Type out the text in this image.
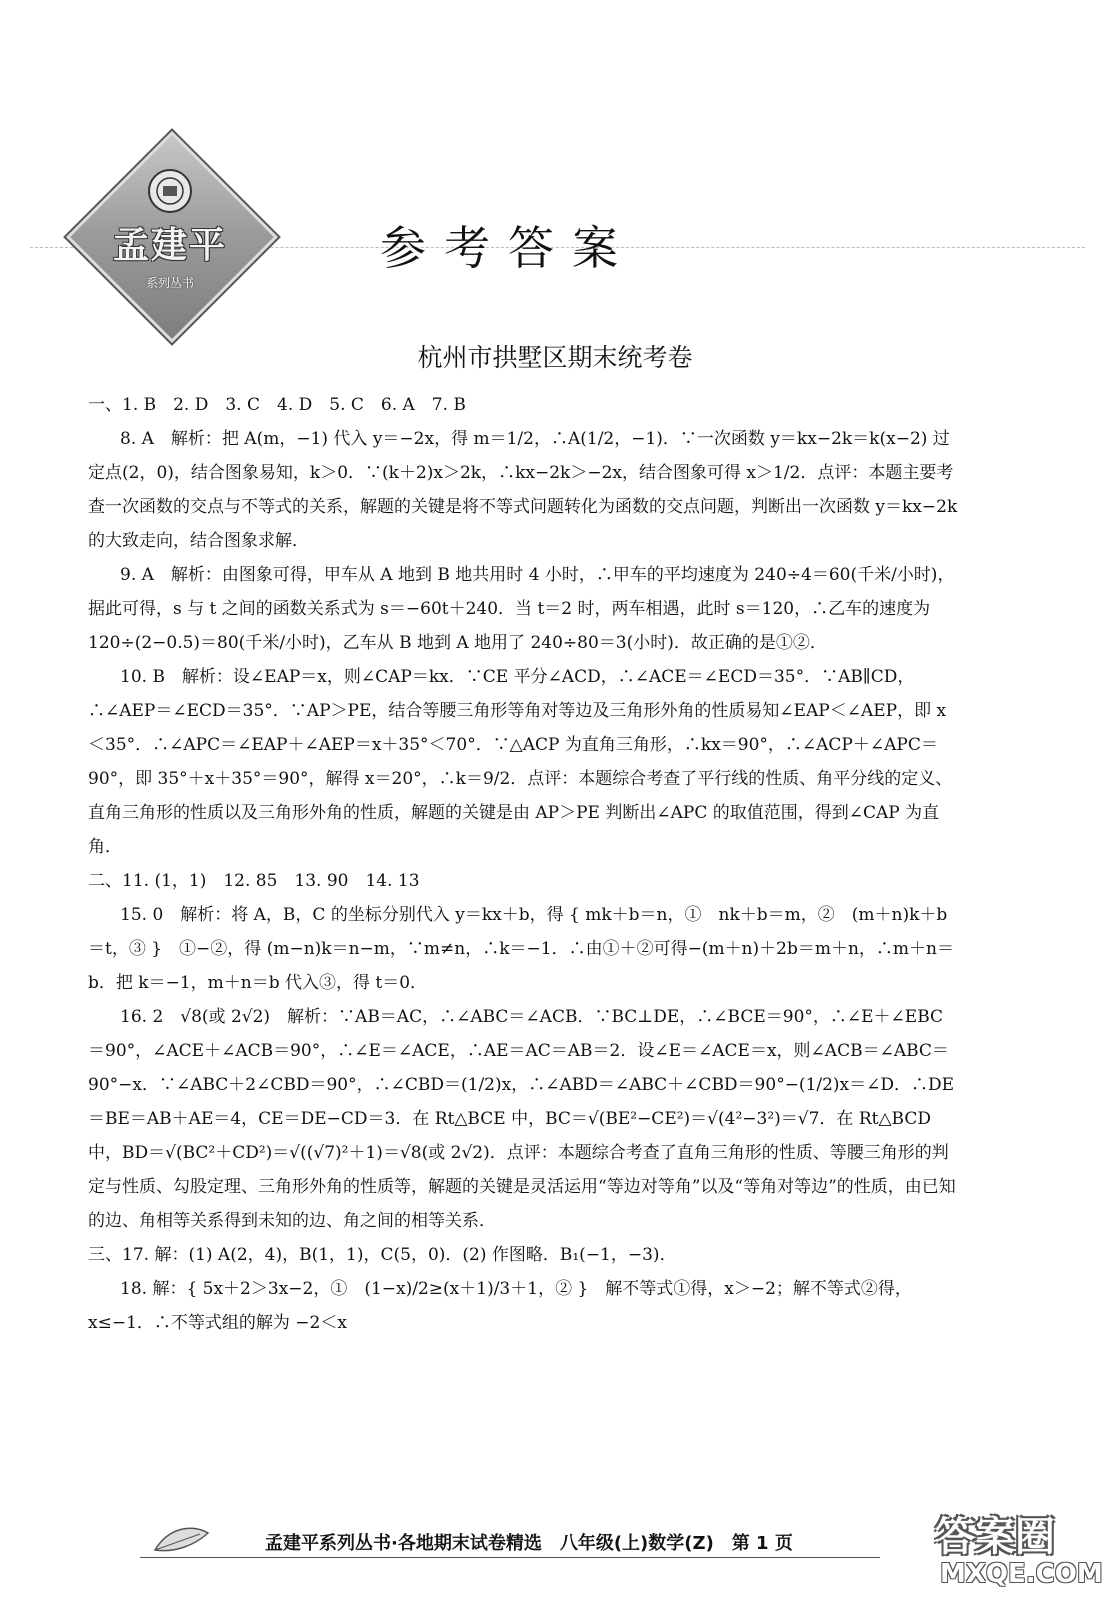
孟建平
系列丛书
参考答案
杭州市拱墅区期末统考卷

一、1. B　2. D　3. C　4. D　5. C　6. A　7. B

8. A　解析：把 A(m，−1) 代入 y＝−2x，得 m＝1/2，∴A(1/2，−1)．∵一次函数 y＝kx−2k＝k(x−2) 过定点(2，0)，结合图象易知，k＞0．∵(k＋2)x＞2k，∴kx−2k＞−2x，结合图象可得 x＞1/2．点评：本题主要考查一次函数的交点与不等式的关系，解题的关键是将不等式问题转化为函数的交点问题，判断出一次函数 y＝kx−2k 的大致走向，结合图象求解．

9. A　解析：由图象可得，甲车从 A 地到 B 地共用时 4 小时，∴甲车的平均速度为 240÷4＝60(千米/小时)，据此可得，s 与 t 之间的函数关系式为 s＝−60t＋240．当 t＝2 时，两车相遇，此时 s＝120，∴乙车的速度为 120÷(2−0.5)＝80(千米/小时)，乙车从 B 地到 A 地用了 240÷80＝3(小时)．故正确的是①②．

10. B　解析：设∠EAP＝x，则∠CAP＝kx．∵CE 平分∠ACD，∴∠ACE＝∠ECD＝35°．∵AB∥CD，∴∠AEP＝∠ECD＝35°．∵AP＞PE，结合等腰三角形等角对等边及三角形外角的性质易知∠EAP＜∠AEP，即 x＜35°．∴∠APC＝∠EAP＋∠AEP＝x＋35°＜70°．∵△ACP 为直角三角形，∴kx＝90°，∴∠ACP＋∠APC＝90°，即 35°＋x＋35°＝90°，解得 x＝20°，∴k＝9/2．点评：本题综合考查了平行线的性质、角平分线的定义、直角三角形的性质以及三角形外角的性质，解题的关键是由 AP＞PE 判断出∠APC 的取值范围，得到∠CAP 为直角．

二、11. (1，1)　12. 85　13. 90　14. 13

15. 0　解析：将 A，B，C 的坐标分别代入 y＝kx＋b，得 { mk＋b＝n，①　nk＋b＝m，②　(m＋n)k＋b＝t，③ }　①−②，得 (m−n)k＝n−m，∵m≠n，∴k＝−1．∴由①＋②可得−(m＋n)＋2b＝m＋n，∴m＋n＝b．把 k＝−1，m＋n＝b 代入③，得 t＝0．

16. 2　√8(或 2√2)　解析：∵AB＝AC，∴∠ABC＝∠ACB．∵BC⊥DE，∴∠BCE＝90°，∴∠E＋∠EBC＝90°，∠ACE＋∠ACB＝90°，∴∠E＝∠ACE，∴AE＝AC＝AB＝2．设∠E＝∠ACE＝x，则∠ACB＝∠ABC＝90°−x．∵∠ABC＋2∠CBD＝90°，∴∠CBD＝(1/2)x，∴∠ABD＝∠ABC＋∠CBD＝90°−(1/2)x＝∠D．∴DE＝BE＝AB＋AE＝4，CE＝DE−CD＝3．在 Rt△BCE 中，BC＝√(BE²−CE²)＝√(4²−3²)＝√7．在 Rt△BCD 中，BD＝√(BC²＋CD²)＝√((√7)²＋1)＝√8(或 2√2)．点评：本题综合考查了直角三角形的性质、等腰三角形的判定与性质、勾股定理、三角形外角的性质等，解题的关键是灵活运用“等边对等角”以及“等角对等边”的性质，由已知的边、角相等关系得到未知的边、角之间的相等关系．

三、17. 解：(1) A(2，4)，B(1，1)，C(5，0)．(2) 作图略．B₁(−1，−3)．

18. 解：{ 5x＋2＞3x−2，①　(1−x)/2≥(x＋1)/3＋1，② }　解不等式①得，x＞−2；解不等式②得，x≤−1．∴不等式组的解为 −2＜x

孟建平系列丛书·各地期末试卷精选　八年级(上)数学(Z)　第 1 页	答案圈
MXQE.COM
